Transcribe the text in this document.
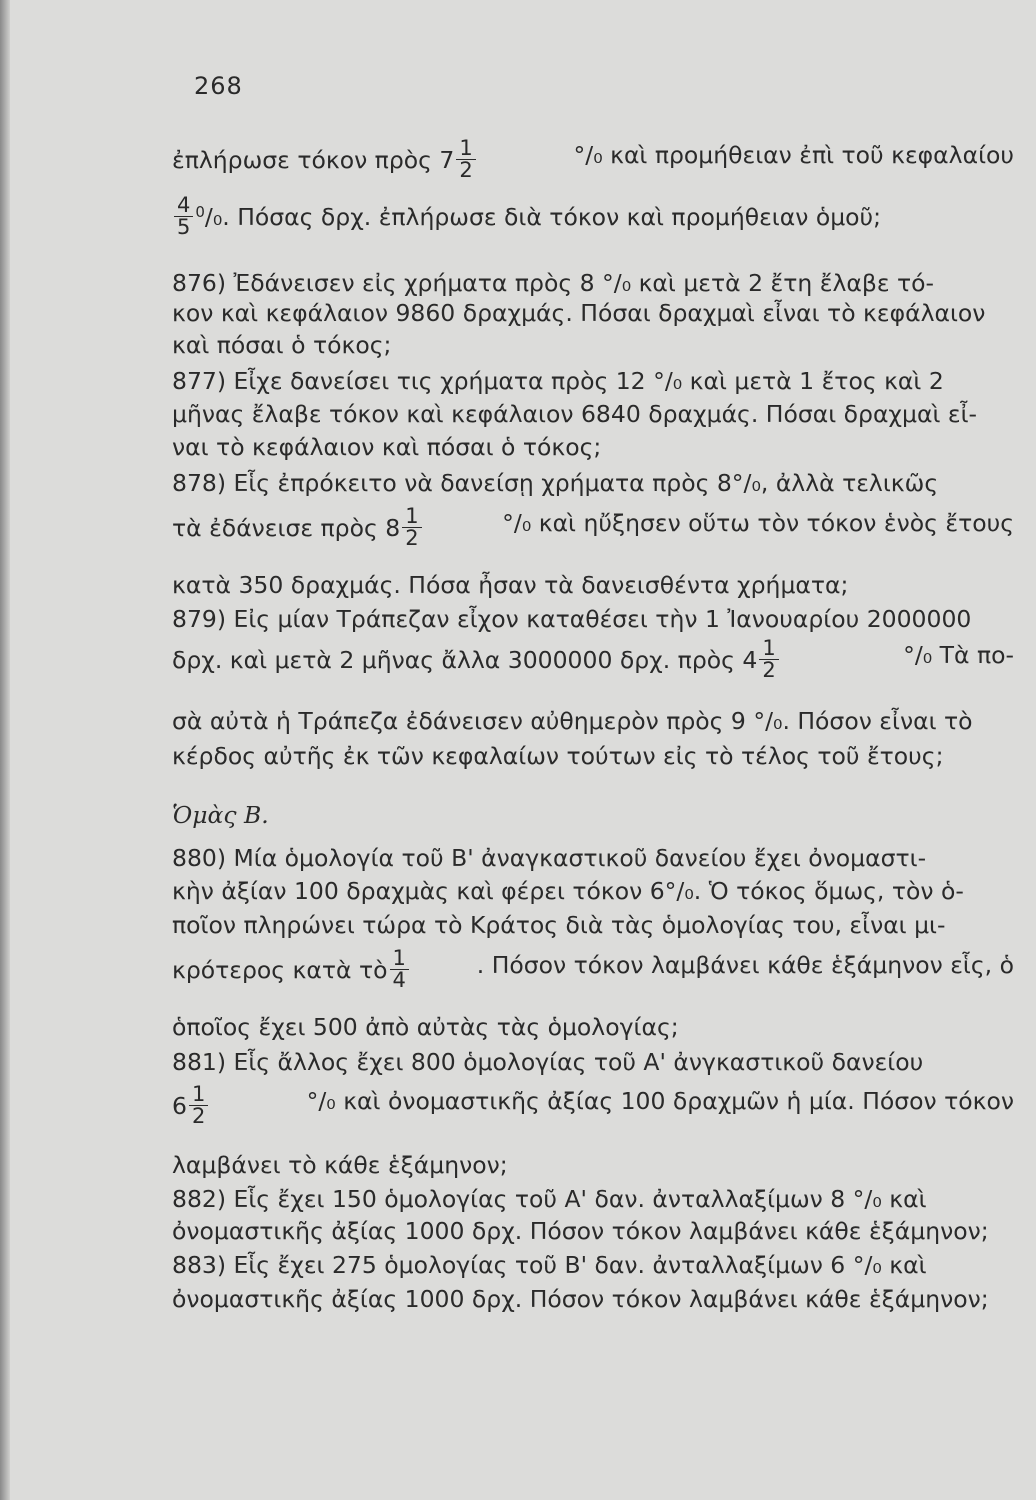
268
ἐπλήρωσε τόκον πρὸς $7 \frac{1}{2}$	°/₀ καὶ προμήθειαν ἐπὶ τοῦ κεφαλαίου
$\frac{4}{5} ^0/_0$. Πόσας δρχ. ἐπλήρωσε διὰ τόκον καὶ προμήθειαν ὁμοῦ;
876) Ἐδάνεισεν εἰς χρήματα πρὸς 8 °/₀ καὶ μετὰ 2 ἔτη ἔλαβε τό-
κον καὶ κεφάλαιον 9860 δραχμάς. Πόσαι δραχμαὶ εἶναι τὸ κεφάλαιον
καὶ πόσαι ὁ τόκος;
877) Εἶχε δανείσει τις χρήματα πρὸς 12 °/₀ καὶ μετὰ 1 ἔτος καὶ 2
μῆνας ἔλαβε τόκον καὶ κεφάλαιον 6840 δραχμάς. Πόσαι δραχμαὶ εἶ-
ναι τὸ κεφάλαιον καὶ πόσαι ὁ τόκος;
878) Εἷς ἐπρόκειτο νὰ δανείσῃ χρήματα πρὸς 8°/₀, ἀλλὰ τελικῶς
τὰ ἐδάνεισε πρὸς $8 \frac{1}{2}$	°/₀ καὶ ηὔξησεν οὕτω τὸν τόκον ἑνὸς ἔτους
κατὰ 350 δραχμάς. Πόσα ἦσαν τὰ δανεισθέντα χρήματα;
879) Εἰς μίαν Τράπεζαν εἶχον καταθέσει τὴν 1 Ἰανουαρίου 2000000
δρχ. καὶ μετὰ 2 μῆνας ἄλλα 3000000 δρχ. πρὸς $4 \frac{1}{2}$	°/₀ Τὰ πο-
σὰ αὐτὰ ἡ Τράπεζα ἐδάνεισεν αὐθημερὸν πρὸς 9 °/₀. Πόσον εἶναι τὸ
κέρδος αὐτῆς ἐκ τῶν κεφαλαίων τούτων εἰς τὸ τέλος τοῦ ἔτους;
Ὁμὰς Β.
880) Μία ὁμολογία τοῦ Β' ἀναγκαστικοῦ δανείου ἔχει ὀνομαστι-
κὴν ἀξίαν 100 δραχμὰς καὶ φέρει τόκον 6°/₀. Ὁ τόκος ὅμως, τὸν ὁ-
ποῖον πληρώνει τώρα τὸ Κράτος διὰ τὰς ὁμολογίας του, εἶναι μι-
κρότερος κατὰ τὸ $\frac{1}{4}$	. Πόσον τόκον λαμβάνει κάθε ἑξάμηνον εἷς, ὁ
ὁποῖος ἔχει 500 ἀπὸ αὐτὰς τὰς ὁμολογίας;
881) Εἷς ἄλλος ἔχει 800 ὁμολογίας τοῦ Α' ἀνγκαστικοῦ δανείου
$6 \frac{1}{2}$	°/₀ καὶ ὀνομαστικῆς ἀξίας 100 δραχμῶν ἡ μία. Πόσον τόκον
λαμβάνει τὸ κάθε ἑξάμηνον;
882) Εἷς ἔχει 150 ὁμολογίας τοῦ Α' δαν. ἀνταλλαξίμων 8 °/₀ καὶ
ὀνομαστικῆς ἀξίας 1000 δρχ. Πόσον τόκον λαμβάνει κάθε ἑξάμηνον;
883) Εἷς ἔχει 275 ὁμολογίας τοῦ Β' δαν. ἀνταλλαξίμων 6 °/₀ καὶ
ὀνομαστικῆς ἀξίας 1000 δρχ. Πόσον τόκον λαμβάνει κάθε ἑξάμηνον;
